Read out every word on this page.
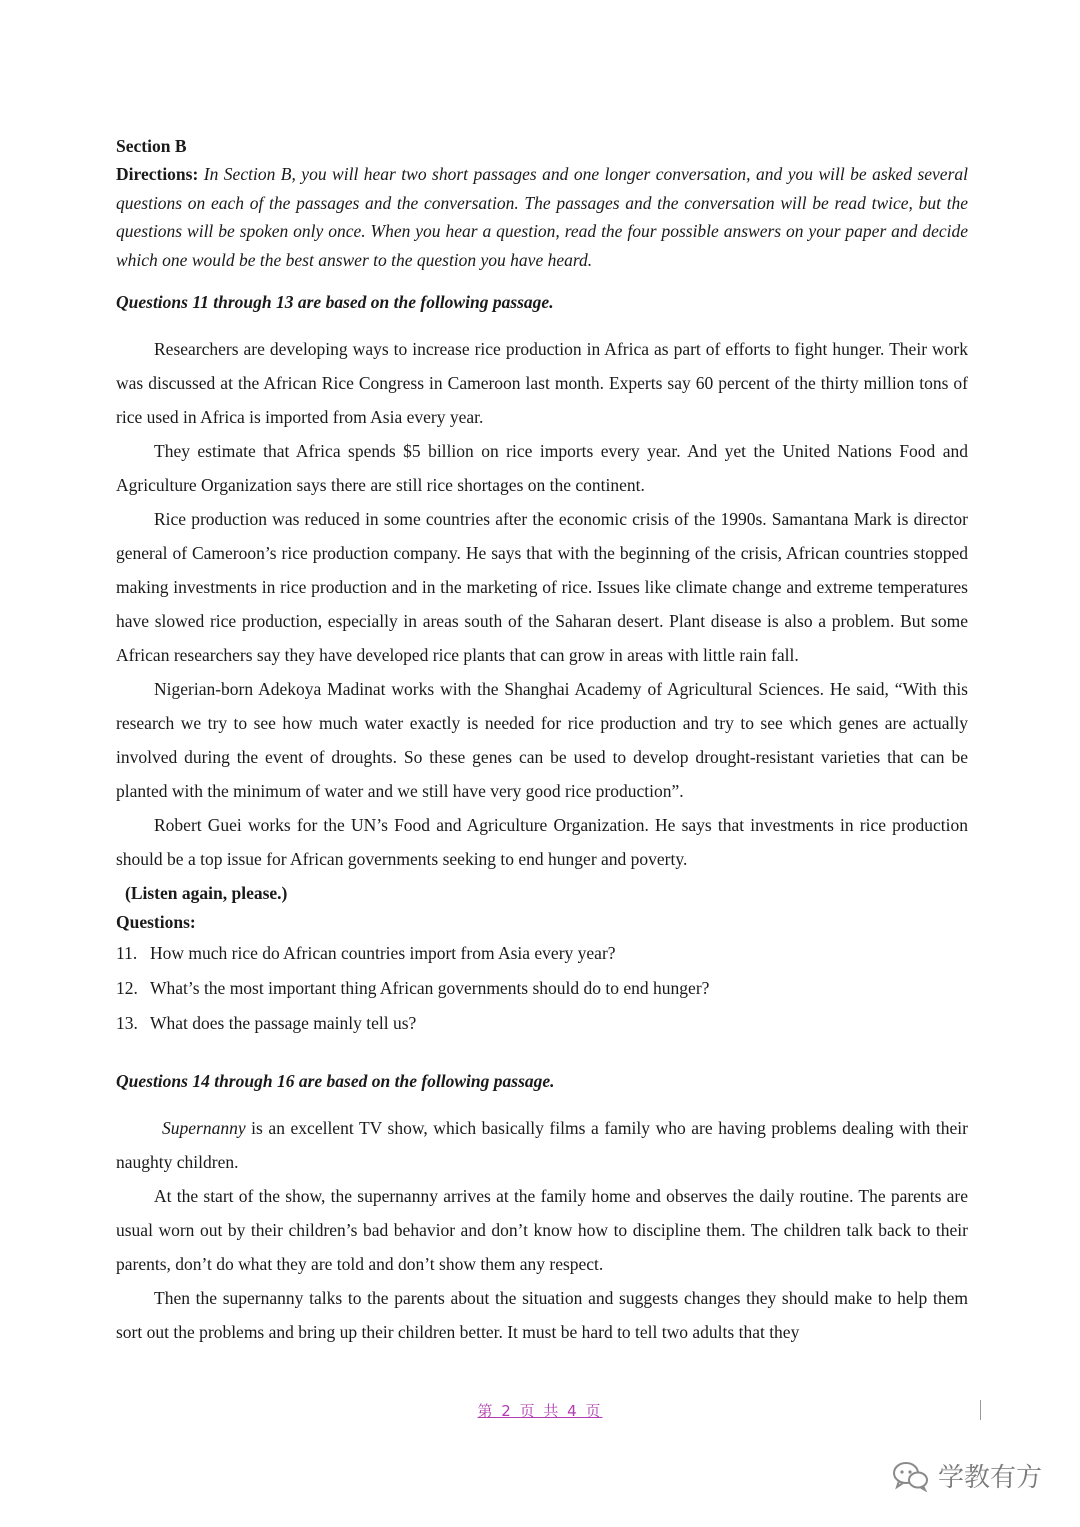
Section B

Directions: In Section B, you will hear two short passages and one longer conversation, and you will be asked several questions on each of the passages and the conversation. The passages and the conversation will be read twice, but the questions will be spoken only once. When you hear a question, read the four possible answers on your paper and decide which one would be the best answer to the question you have heard.

Questions 11 through 13 are based on the following passage.

Researchers are developing ways to increase rice production in Africa as part of efforts to fight hunger. Their work was discussed at the African Rice Congress in Cameroon last month. Experts say 60 percent of the thirty million tons of rice used in Africa is imported from Asia every year.

They estimate that Africa spends $5 billion on rice imports every year. And yet the United Nations Food and Agriculture Organization says there are still rice shortages on the continent.

Rice production was reduced in some countries after the economic crisis of the 1990s. Samantana Mark is director general of Cameroon’s rice production company. He says that with the beginning of the crisis, African countries stopped making investments in rice production and in the marketing of rice. Issues like climate change and extreme temperatures have slowed rice production, especially in areas south of the Saharan desert. Plant disease is also a problem. But some African researchers say they have developed rice plants that can grow in areas with little rain fall.

Nigerian-born Adekoya Madinat works with the Shanghai Academy of Agricultural Sciences. He said, “With this research we try to see how much water exactly is needed for rice production and try to see which genes are actually involved during the event of droughts. So these genes can be used to develop drought-resistant varieties that can be planted with the minimum of water and we still have very good rice production”.

Robert Guei works for the UN’s Food and Agriculture Organization. He says that investments in rice production should be a top issue for African governments seeking to end hunger and poverty.

(Listen again, please.)

Questions:

11. How much rice do African countries import from Asia every year?

12. What’s the most important thing African governments should do to end hunger?

13. What does the passage mainly tell us?

Questions 14 through 16 are based on the following passage.

Supernanny is an excellent TV show, which basically films a family who are having problems dealing with their naughty children.

At the start of the show, the supernanny arrives at the family home and observes the daily routine. The parents are usual worn out by their children’s bad behavior and don’t know how to discipline them. The children talk back to their parents, don’t do what they are told and don’t show them any respect.

Then the supernanny talks to the parents about the situation and suggests changes they should make to help them sort out the problems and bring up their children better. It must be hard to tell two adults that they

第 2 页 共 4 页
学教有方
